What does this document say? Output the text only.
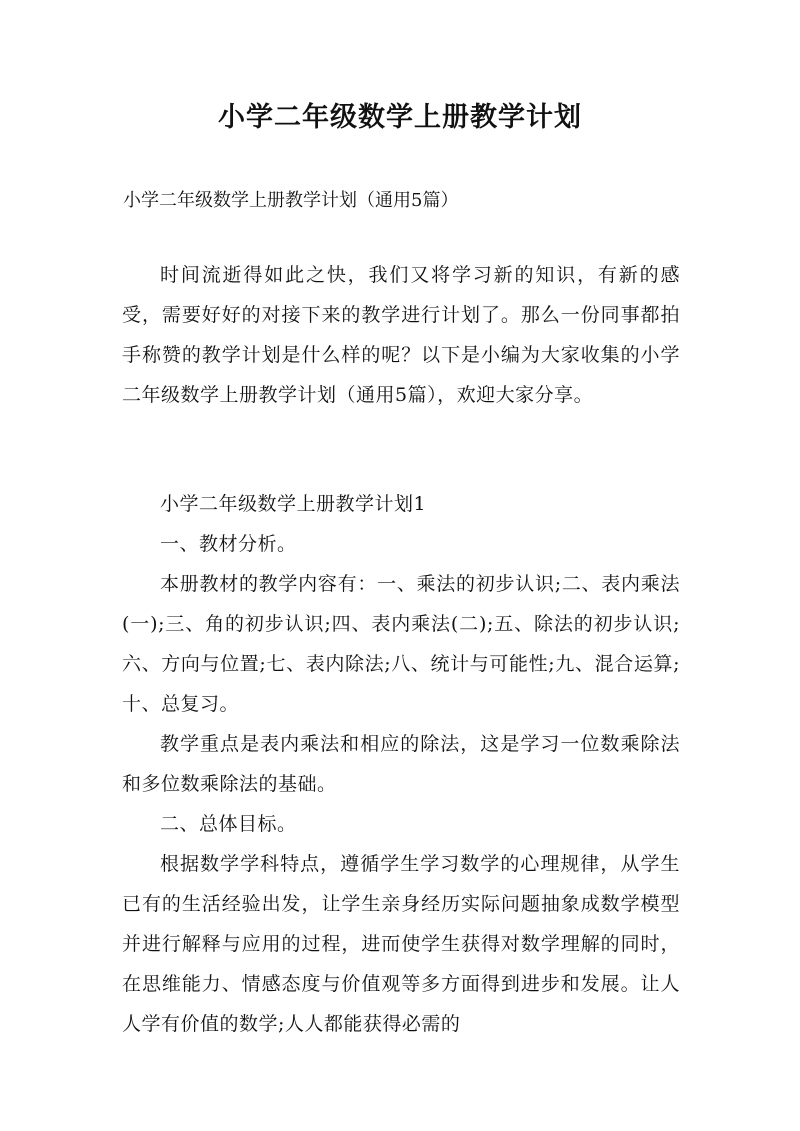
小学二年级数学上册教学计划
小学二年级数学上册教学计划（通用5篇）

时间流逝得如此之快，我们又将学习新的知识，有新的感受，需要好好的对接下来的教学进行计划了。那么一份同事都拍手称赞的教学计划是什么样的呢？以下是小编为大家收集的小学二年级数学上册教学计划（通用5篇），欢迎大家分享。

小学二年级数学上册教学计划1

一、教材分析。

本册教材的教学内容有：一、乘法的初步认识;二、表内乘法(一);三、角的初步认识;四、表内乘法(二);五、除法的初步认识;六、方向与位置;七、表内除法;八、统计与可能性;九、混合运算;十、总复习。

教学重点是表内乘法和相应的除法，这是学习一位数乘除法和多位数乘除法的基础。

二、总体目标。

根据数学学科特点，遵循学生学习数学的心理规律，从学生已有的生活经验出发，让学生亲身经历实际问题抽象成数学模型并进行解释与应用的过程，进而使学生获得对数学理解的同时，在思维能力、情感态度与价值观等多方面得到进步和发展。让人人学有价值的数学;人人都能获得必需的
